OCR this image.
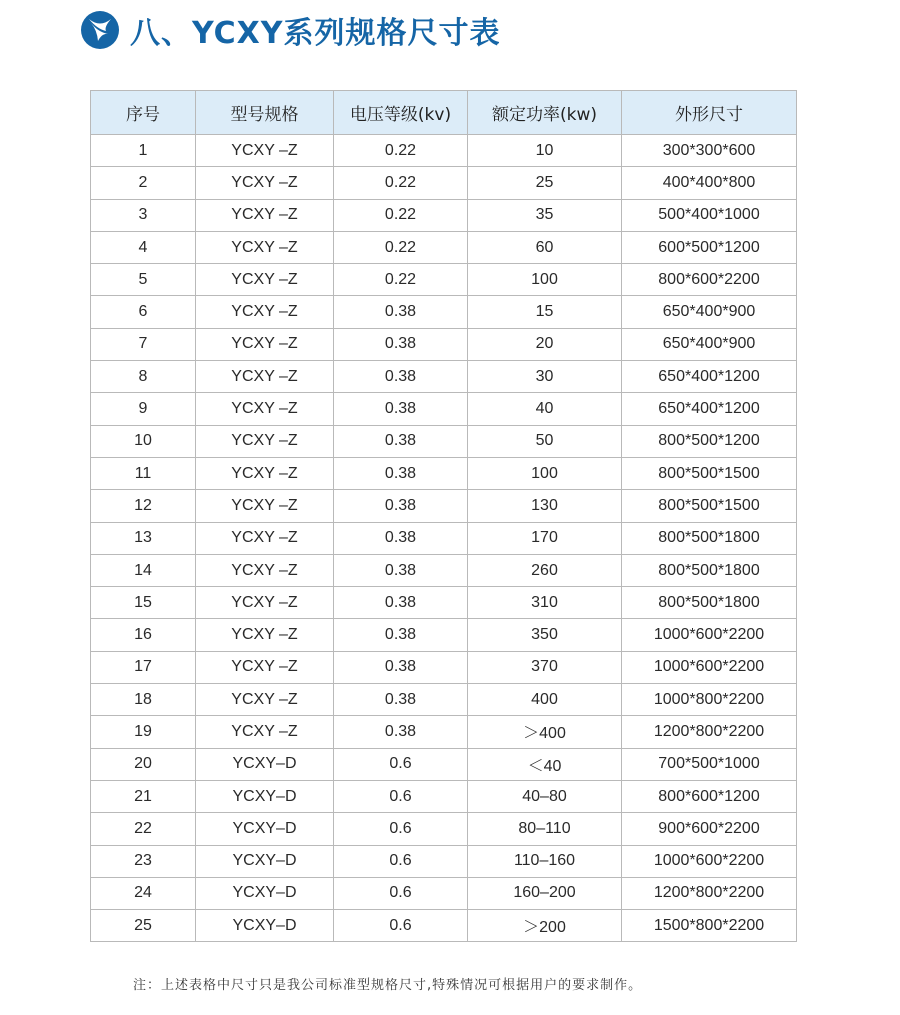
八、YCXY系列规格尺寸表
序号	型号规格	电压等级(kv)	额定功率(kw)	外形尺寸
1	YCXY –Z	0.22	10	300*300*600
2	YCXY –Z	0.22	25	400*400*800
3	YCXY –Z	0.22	35	500*400*1000
4	YCXY –Z	0.22	60	600*500*1200
5	YCXY –Z	0.22	100	800*600*2200
6	YCXY –Z	0.38	15	650*400*900
7	YCXY –Z	0.38	20	650*400*900
8	YCXY –Z	0.38	30	650*400*1200
9	YCXY –Z	0.38	40	650*400*1200
10	YCXY –Z	0.38	50	800*500*1200
11	YCXY –Z	0.38	100	800*500*1500
12	YCXY –Z	0.38	130	800*500*1500
13	YCXY –Z	0.38	170	800*500*1800
14	YCXY –Z	0.38	260	800*500*1800
15	YCXY –Z	0.38	310	800*500*1800
16	YCXY –Z	0.38	350	1000*600*2200
17	YCXY –Z	0.38	370	1000*600*2200
18	YCXY –Z	0.38	400	1000*800*2200
19	YCXY –Z	0.38	＞400	1200*800*2200
20	YCXY–D	0.6	＜40	700*500*1000
21	YCXY–D	0.6	40–80	800*600*1200
22	YCXY–D	0.6	80–110	900*600*2200
23	YCXY–D	0.6	110–160	1000*600*2200
24	YCXY–D	0.6	160–200	1200*800*2200
25	YCXY–D	0.6	＞200	1500*800*2200
注：上述表格中尺寸只是我公司标准型规格尺寸,特殊情况可根据用户的要求制作。
